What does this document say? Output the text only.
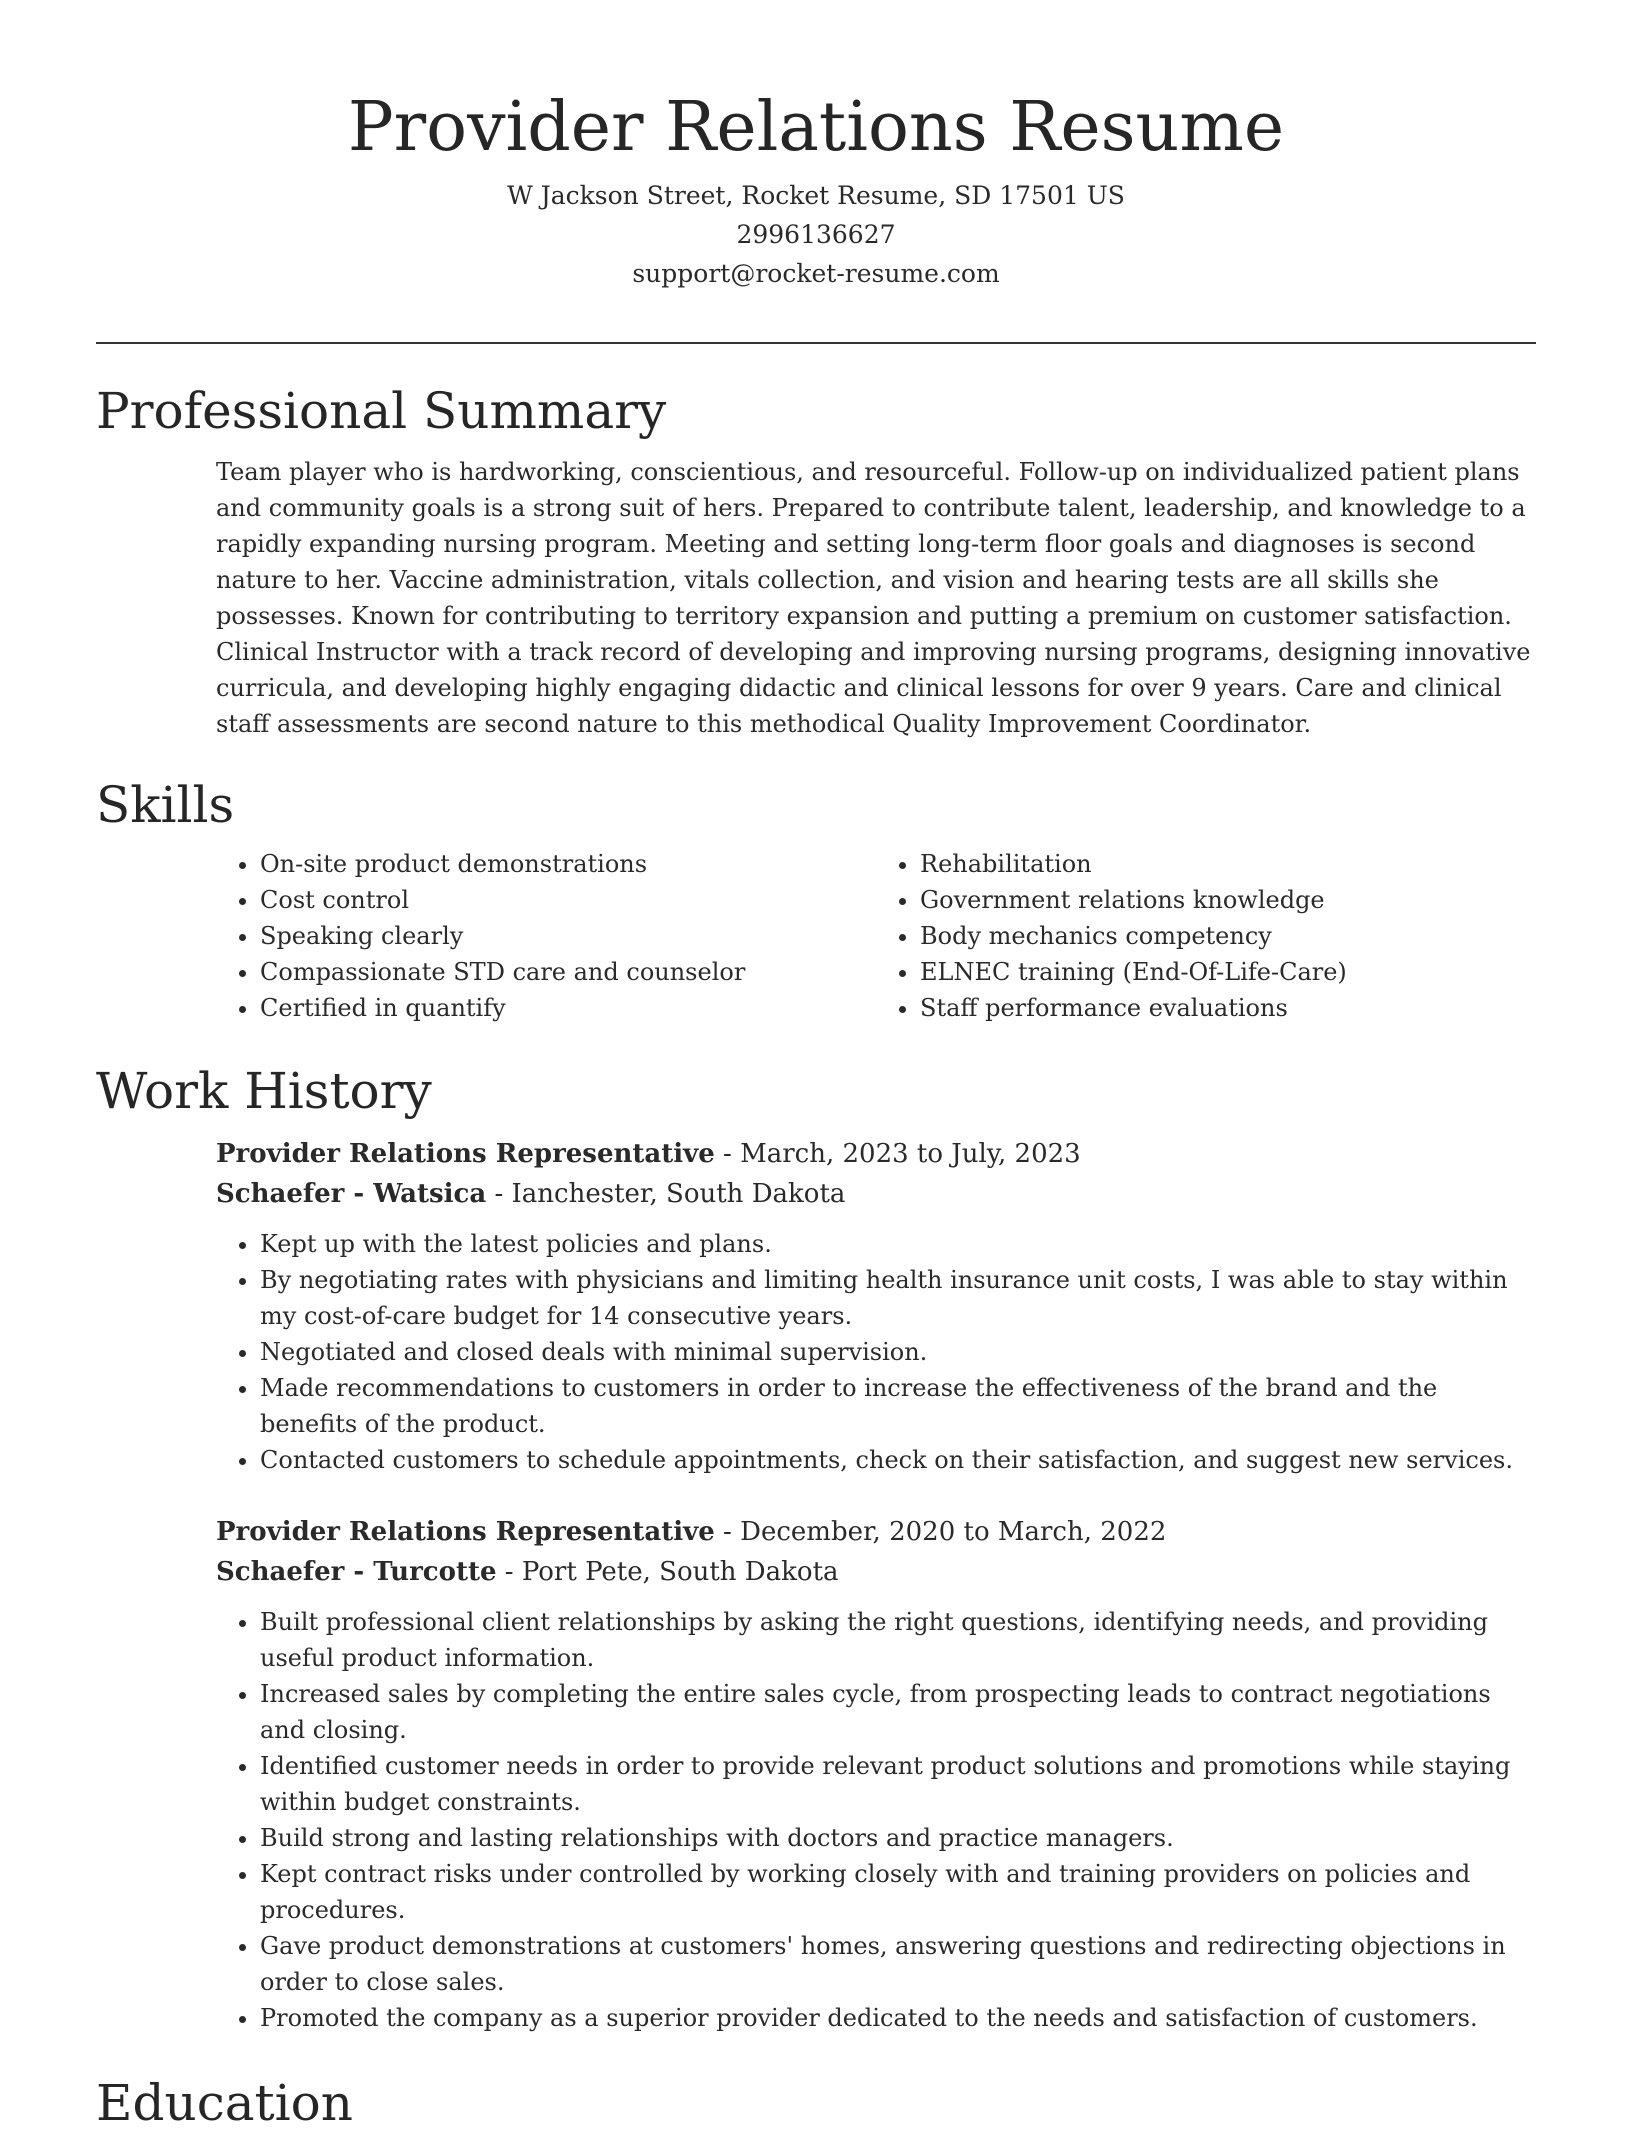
Provider Relations Resume
W Jackson Street, Rocket Resume, SD 17501 US
2996136627
support@rocket-resume.com
Professional Summary

Team player who is hardworking, conscientious, and resourceful. Follow-up on individualized patient plans and community goals is a strong suit of hers. Prepared to contribute talent, leadership, and knowledge to a rapidly expanding nursing program. Meeting and setting long-term floor goals and diagnoses is second nature to her. Vaccine administration, vitals collection, and vision and hearing tests are all skills she possesses. Known for contributing to territory expansion and putting a premium on customer satisfaction. Clinical Instructor with a track record of developing and improving nursing programs, designing innovative curricula, and developing highly engaging didactic and clinical lessons for over 9 years. Care and clinical staff assessments are second nature to this methodical Quality Improvement Coordinator.

Skills
• On-site product demonstrations
• Cost control
• Speaking clearly
• Compassionate STD care and counselor
• Certified in quantify
• Rehabilitation
• Government relations knowledge
• Body mechanics competency
• ELNEC training (End-Of-Life-Care)
• Staff performance evaluations
Work History
Provider Relations Representative - March, 2023 to July, 2023
Schaefer - Watsica - Ianchester, South Dakota
• Kept up with the latest policies and plans.
• By negotiating rates with physicians and limiting health insurance unit costs, I was able to stay within my cost-of-care budget for 14 consecutive years.
• Negotiated and closed deals with minimal supervision.
• Made recommendations to customers in order to increase the effectiveness of the brand and the benefits of the product.
• Contacted customers to schedule appointments, check on their satisfaction, and suggest new services.
Provider Relations Representative - December, 2020 to March, 2022
Schaefer - Turcotte - Port Pete, South Dakota
• Built professional client relationships by asking the right questions, identifying needs, and providing useful product information.
• Increased sales by completing the entire sales cycle, from prospecting leads to contract negotiations and closing.
• Identified customer needs in order to provide relevant product solutions and promotions while staying within budget constraints.
• Build strong and lasting relationships with doctors and practice managers.
• Kept contract risks under controlled by working closely with and training providers on policies and procedures.
• Gave product demonstrations at customers' homes, answering questions and redirecting objections in order to close sales.
• Promoted the company as a superior provider dedicated to the needs and satisfaction of customers.
Education
